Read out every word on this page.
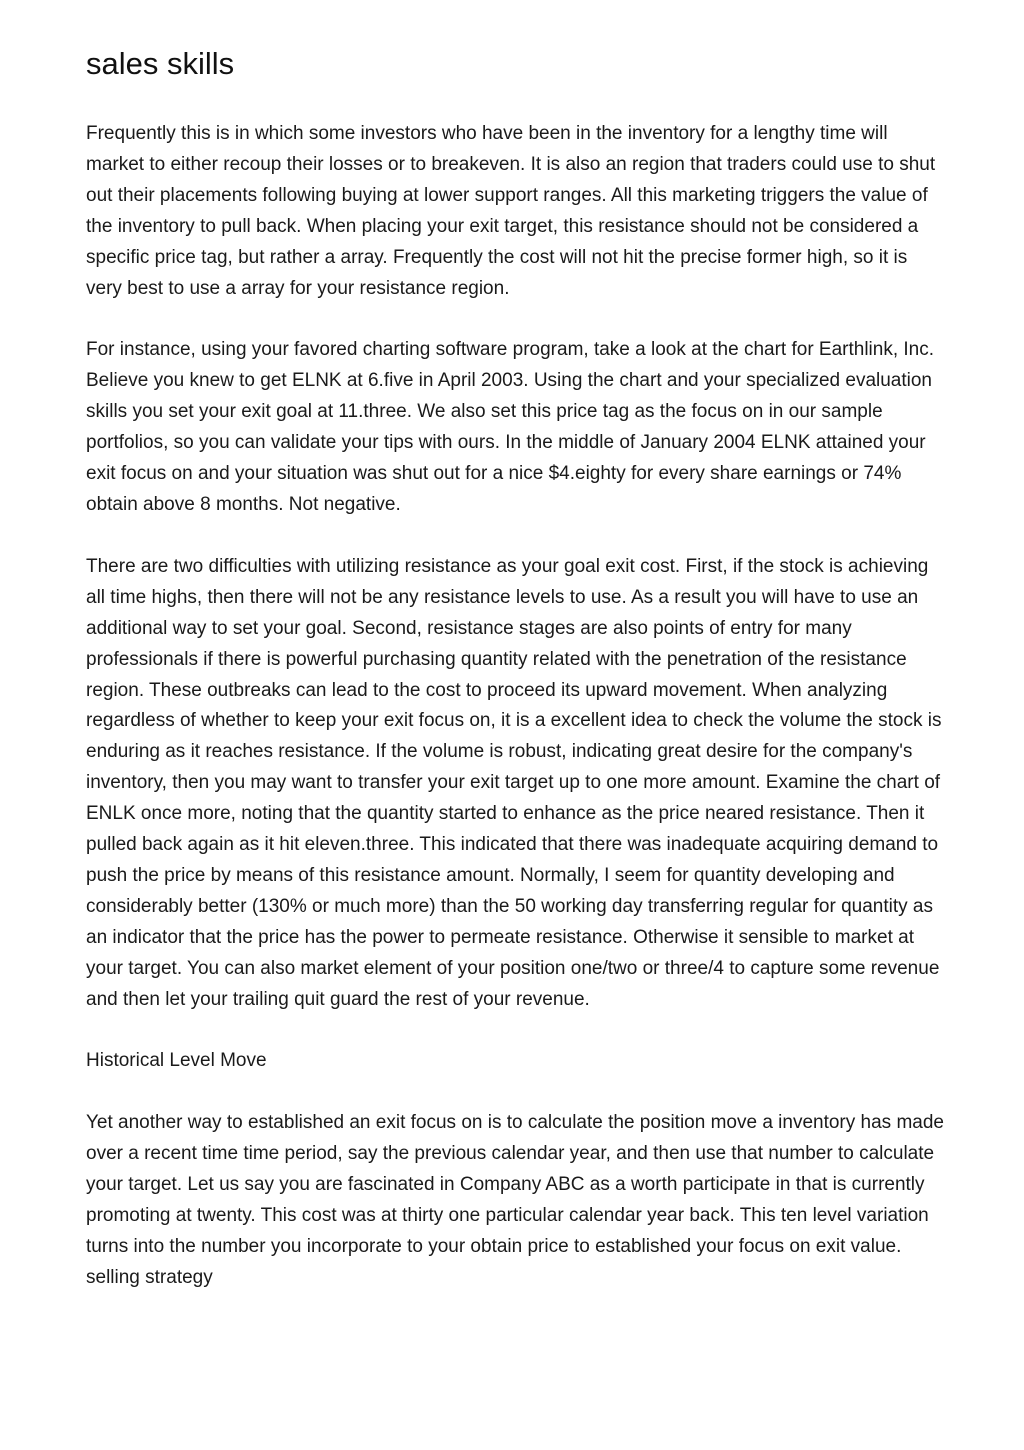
sales skills

Frequently this is in which some investors who have been in the inventory for a lengthy time will market to either recoup their losses or to breakeven. It is also an region that traders could use to shut out their placements following buying at lower support ranges. All this marketing triggers the value of the inventory to pull back. When placing your exit target, this resistance should not be considered a specific price tag, but rather a array. Frequently the cost will not hit the precise former high, so it is very best to use a array for your resistance region.

For instance, using your favored charting software program, take a look at the chart for Earthlink, Inc. Believe you knew to get ELNK at 6.five in April 2003. Using the chart and your specialized evaluation skills you set your exit goal at 11.three. We also set this price tag as the focus on in our sample portfolios, so you can validate your tips with ours. In the middle of January 2004 ELNK attained your exit focus on and your situation was shut out for a nice $4.eighty for every share earnings or 74% obtain above 8 months. Not negative.

There are two difficulties with utilizing resistance as your goal exit cost. First, if the stock is achieving all time highs, then there will not be any resistance levels to use. As a result you will have to use an additional way to set your goal. Second, resistance stages are also points of entry for many professionals if there is powerful purchasing quantity related with the penetration of the resistance region. These outbreaks can lead to the cost to proceed its upward movement. When analyzing regardless of whether to keep your exit focus on, it is a excellent idea to check the volume the stock is enduring as it reaches resistance. If the volume is robust, indicating great desire for the company's inventory, then you may want to transfer your exit target up to one more amount. Examine the chart of ENLK once more, noting that the quantity started to enhance as the price neared resistance. Then it pulled back again as it hit eleven.three. This indicated that there was inadequate acquiring demand to push the price by means of this resistance amount. Normally, I seem for quantity developing and considerably better (130% or much more) than the 50 working day transferring regular for quantity as an indicator that the price has the power to permeate resistance. Otherwise it sensible to market at your target. You can also market element of your position one/two or three/4 to capture some revenue and then let your trailing quit guard the rest of your revenue.

Historical Level Move

Yet another way to established an exit focus on is to calculate the position move a inventory has made over a recent time time period, say the previous calendar year, and then use that number to calculate your target. Let us say you are fascinated in Company ABC as a worth participate in that is currently promoting at twenty. This cost was at thirty one particular calendar year back. This ten level variation turns into the number you incorporate to your obtain price to established your focus on exit value. selling strategy
